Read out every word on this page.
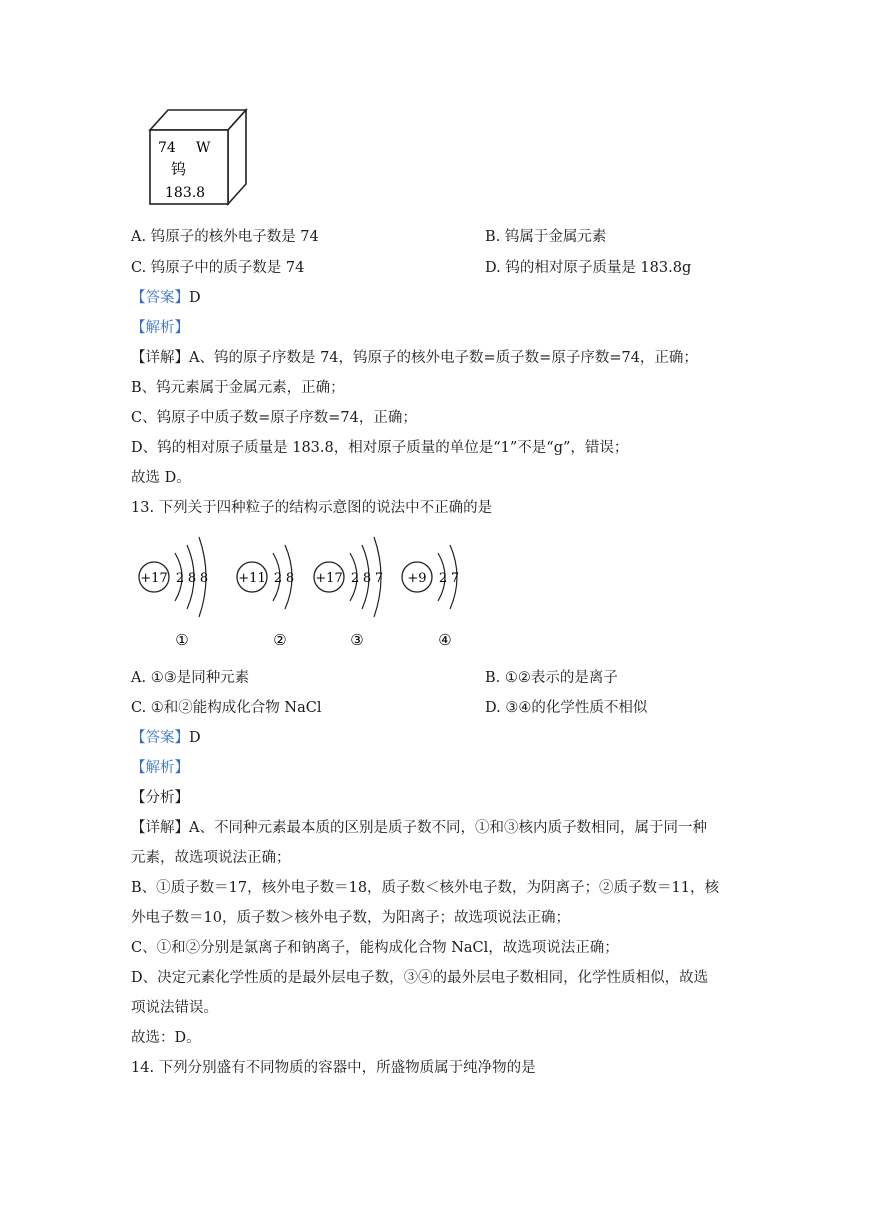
74 W
钨
183.8
A. 钨原子的核外电子数是 74	B. 钨属于金属元素
C. 钨原子中的质子数是 74	D. 钨的相对原子质量是 183.8g
【答案】D
【解析】
【详解】A、钨的原子序数是 74，钨原子的核外电子数=质子数=原子序数=74，正确；
B、钨元素属于金属元素，正确；
C、钨原子中质子数=原子序数=74，正确；
D、钨的相对原子质量是 183.8，相对原子质量的单位是“1”不是“g”，错误；
故选 D。
13. 下列关于四种粒子的结构示意图的说法中不正确的是
+17 2 8 8
①
+11 2 8
②
+17 2 8 7
③
+9 2 7
④
A. ①③是同种元素	B. ①②表示的是离子
C. ①和②能构成化合物 NaCl	D. ③④的化学性质不相似
【答案】D
【解析】
【分析】
【详解】A、不同种元素最本质的区别是质子数不同，①和③核内质子数相同，属于同一种
元素，故选项说法正确；
B、①质子数＝17，核外电子数＝18，质子数＜核外电子数，为阴离子；②质子数＝11，核
外电子数＝10，质子数＞核外电子数，为阳离子；故选项说法正确；
C、①和②分别是氯离子和钠离子，能构成化合物 NaCl，故选项说法正确；
D、决定元素化学性质的是最外层电子数，③④的最外层电子数相同，化学性质相似，故选
项说法错误。
故选：D。
14. 下列分别盛有不同物质的容器中，所盛物质属于纯净物的是
